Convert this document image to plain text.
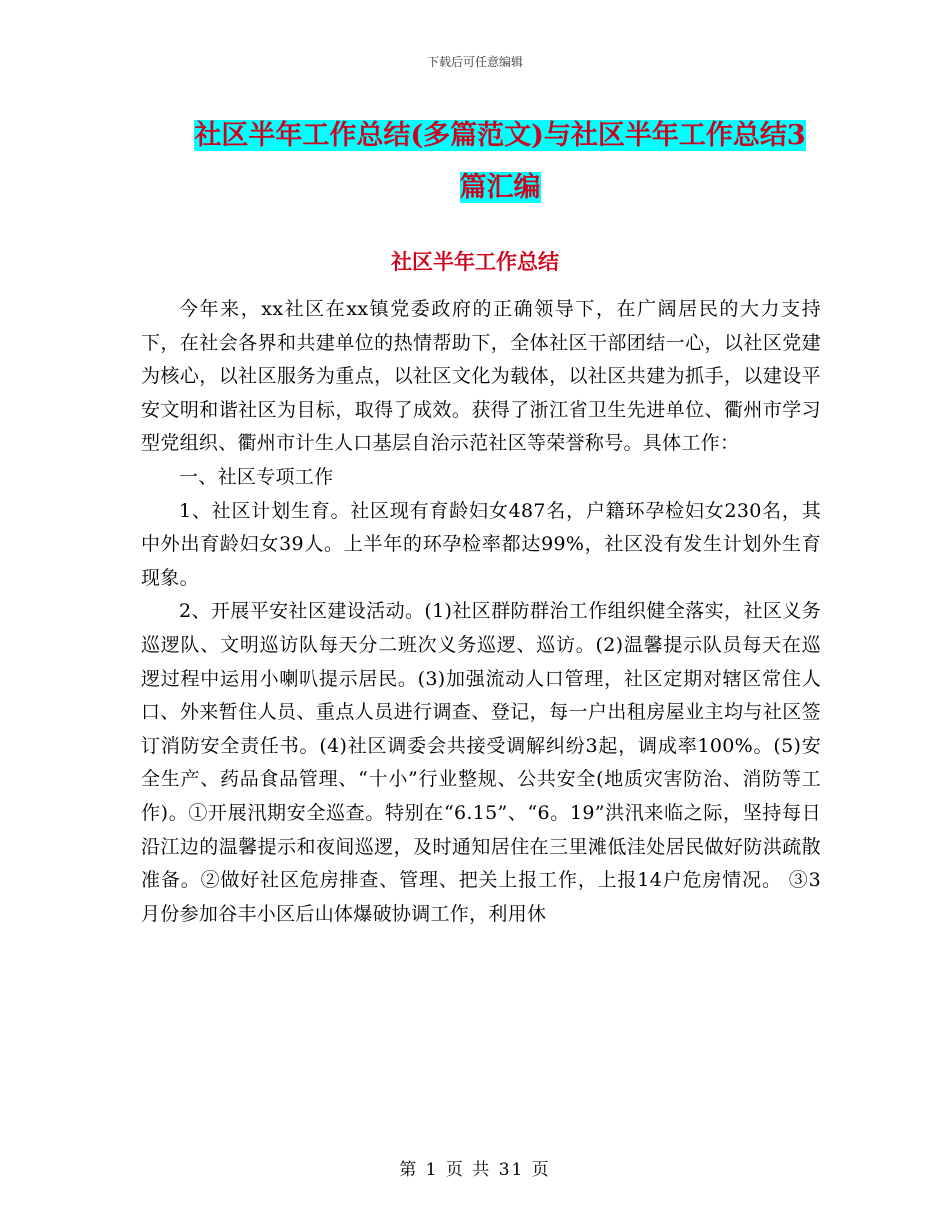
下载后可任意编辑
社区半年工作总结(多篇范文)与社区半年工作总结3篇汇编
社区半年工作总结

今年来，xx社区在xx镇党委政府的正确领导下，在广阔居民的大力支持下，在社会各界和共建单位的热情帮助下，全体社区干部团结一心，以社区党建为核心，以社区服务为重点，以社区文化为载体，以社区共建为抓手，以建设平安文明和谐社区为目标，取得了成效。获得了浙江省卫生先进单位、衢州市学习型党组织、衢州市计生人口基层自治示范社区等荣誉称号。具体工作：

一、社区专项工作

1、社区计划生育。社区现有育龄妇女487名，户籍环孕检妇女230名，其中外出育龄妇女39人。上半年的环孕检率都达99%，社区没有发生计划外生育现象。

2、开展平安社区建设活动。(1)社区群防群治工作组织健全落实，社区义务巡逻队、文明巡访队每天分二班次义务巡逻、巡访。(2)温馨提示队员每天在巡逻过程中运用小喇叭提示居民。(3)加强流动人口管理，社区定期对辖区常住人口、外来暂住人员、重点人员进行调查、登记，每一户出租房屋业主均与社区签订消防安全责任书。(4)社区调委会共接受调解纠纷3起，调成率100%。(5)安全生产、药品食品管理、“十小”行业整规、公共安全(地质灾害防治、消防等工作)。①开展汛期安全巡查。特别在“6.15”、“6。19”洪汛来临之际，坚持每日沿江边的温馨提示和夜间巡逻，及时通知居住在三里滩低洼处居民做好防洪疏散准备。②做好社区危房排查、管理、把关上报工作，上报14户危房情况。 ③3月份参加谷丰小区后山体爆破协调工作，利用休

第 1 页 共 31 页
